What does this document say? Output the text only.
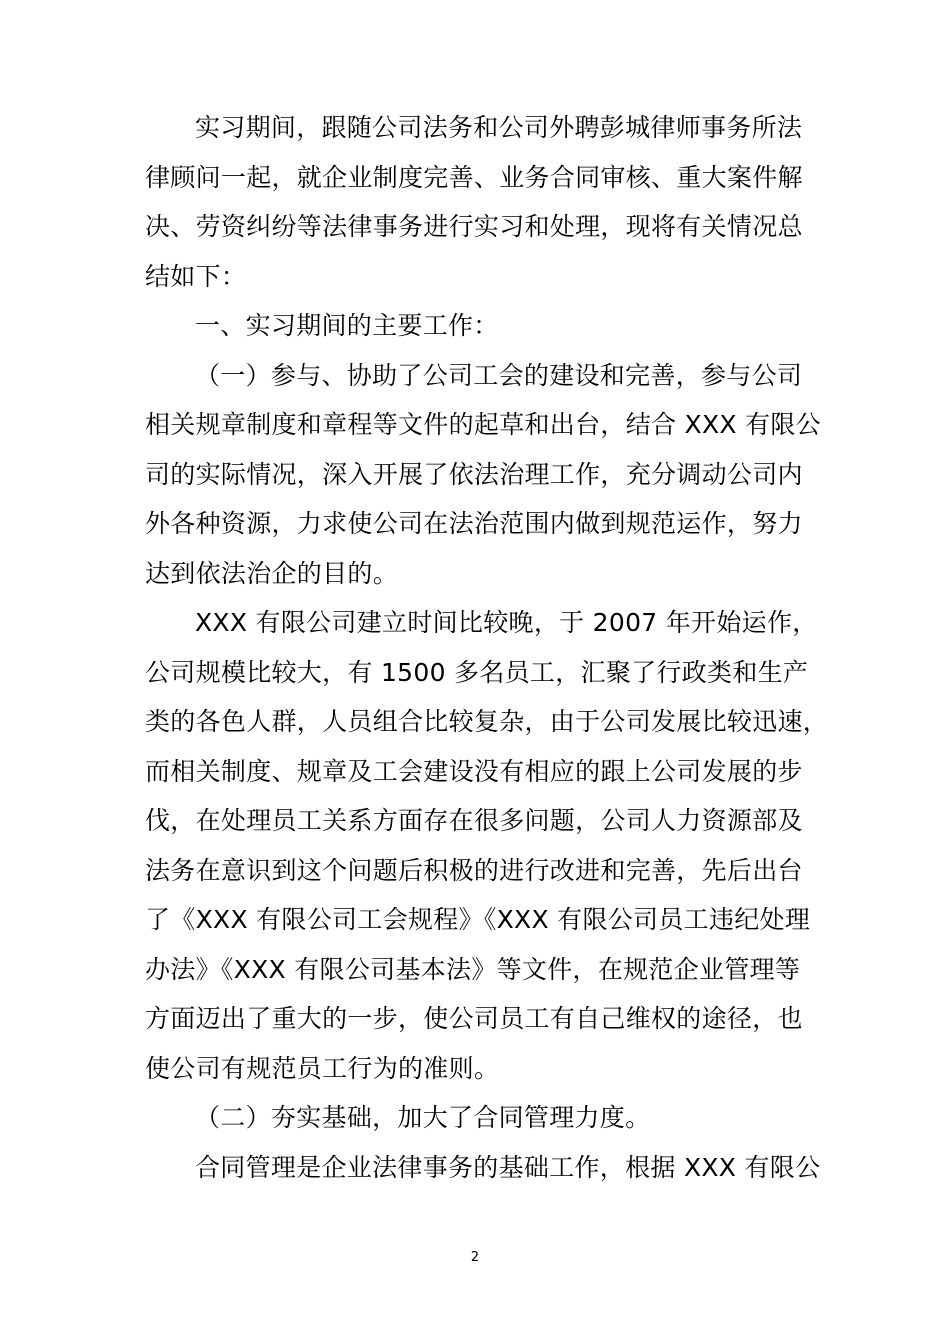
实习期间，跟随公司法务和公司外聘彭城律师事务所法
律顾问一起，就企业制度完善、业务合同审核、重大案件解
决、劳资纠纷等法律事务进行实习和处理，现将有关情况总
结如下：
一、实习期间的主要工作：
（一）参与、协助了公司工会的建设和完善，参与公司
相关规章制度和章程等文件的起草和出台，结合 XXX 有限公
司的实际情况，深入开展了依法治理工作，充分调动公司内
外各种资源，力求使公司在法治范围内做到规范运作，努力
达到依法治企的目的。
XXX 有限公司建立时间比较晚，于 2007 年开始运作，
公司规模比较大，有 1500 多名员工，汇聚了行政类和生产
类的各色人群，人员组合比较复杂，由于公司发展比较迅速，
而相关制度、规章及工会建设没有相应的跟上公司发展的步
伐，在处理员工关系方面存在很多问题，公司人力资源部及
法务在意识到这个问题后积极的进行改进和完善，先后出台
了《XXX 有限公司工会规程》《XXX 有限公司员工违纪处理
办法》《XXX 有限公司基本法》等文件，在规范企业管理等
方面迈出了重大的一步，使公司员工有自己维权的途径，也
使公司有规范员工行为的准则。
（二）夯实基础，加大了合同管理力度。
合同管理是企业法律事务的基础工作，根据 XXX 有限公
2
